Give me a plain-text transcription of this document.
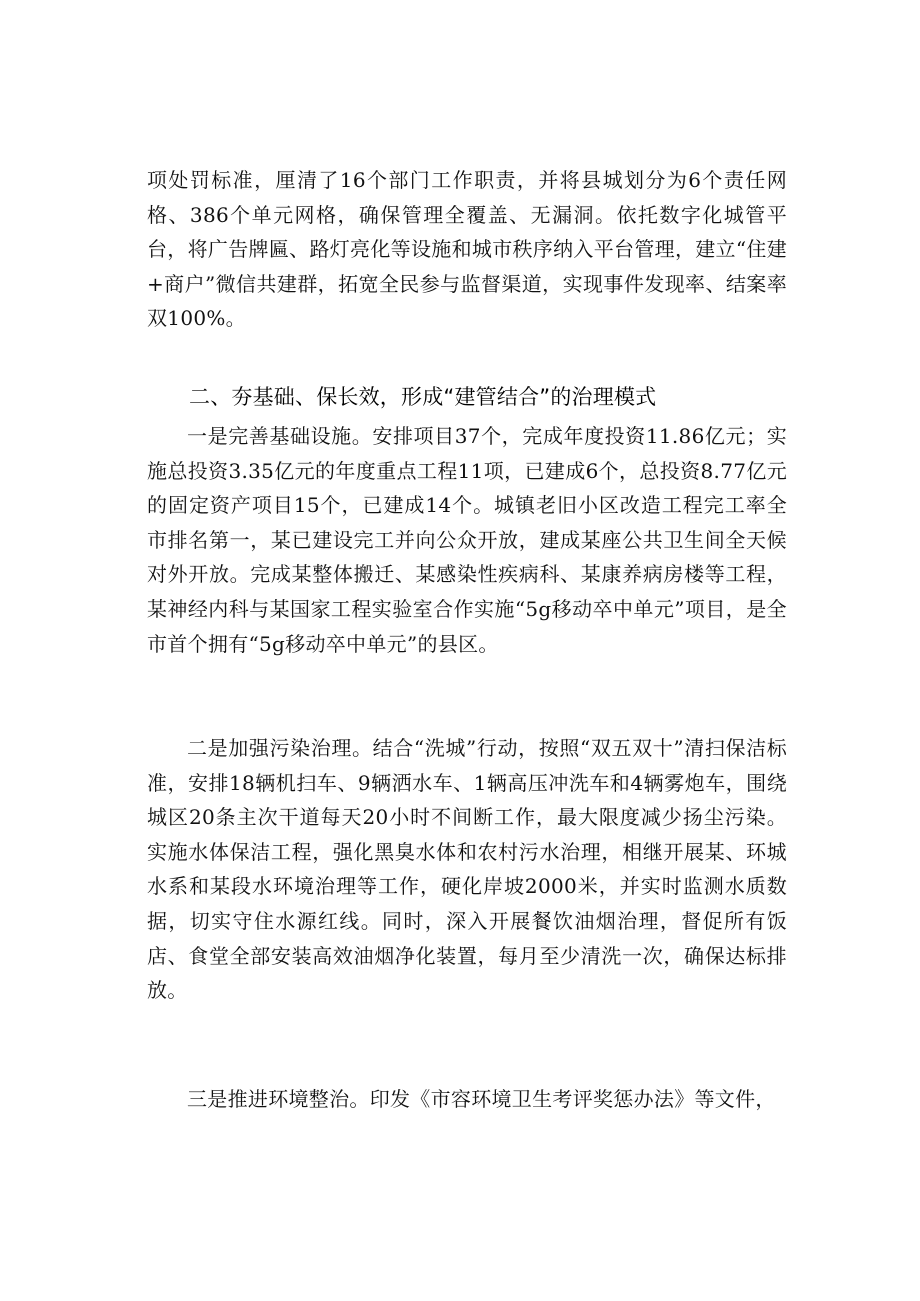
项处罚标准，厘清了16个部门工作职责，并将县城划分为6个责任网格、386个单元网格，确保管理全覆盖、无漏洞。依托数字化城管平台，将广告牌匾、路灯亮化等设施和城市秩序纳入平台管理，建立“住建+商户”微信共建群，拓宽全民参与监督渠道，实现事件发现率、结案率双100%。

二、夯基础、保长效，形成“建管结合”的治理模式

一是完善基础设施。安排项目37个，完成年度投资11.86亿元；实施总投资3.35亿元的年度重点工程11项，已建成6个，总投资8.77亿元的固定资产项目15个，已建成14个。城镇老旧小区改造工程完工率全市排名第一，某已建设完工并向公众开放，建成某座公共卫生间全天候对外开放。完成某整体搬迁、某感染性疾病科、某康养病房楼等工程，某神经内科与某国家工程实验室合作实施“5g移动卒中单元”项目，是全市首个拥有“5g移动卒中单元”的县区。

二是加强污染治理。结合“洗城”行动，按照“双五双十”清扫保洁标准，安排18辆机扫车、9辆洒水车、1辆高压冲洗车和4辆雾炮车，围绕城区20条主次干道每天20小时不间断工作，最大限度减少扬尘污染。实施水体保洁工程，强化黑臭水体和农村污水治理，相继开展某、环城水系和某段水环境治理等工作，硬化岸坡2000米，并实时监测水质数据，切实守住水源红线。同时，深入开展餐饮油烟治理，督促所有饭店、食堂全部安装高效油烟净化装置，每月至少清洗一次，确保达标排放。

三是推进环境整治。印发《市容环境卫生考评奖惩办法》等文件，
